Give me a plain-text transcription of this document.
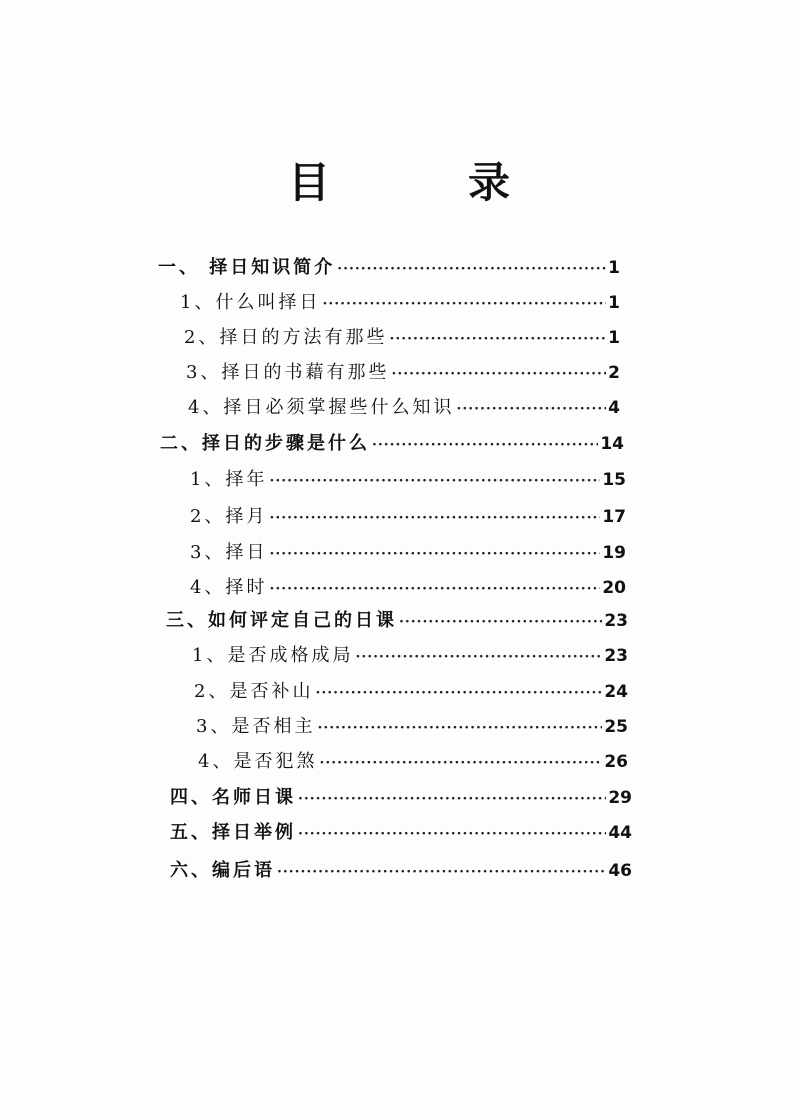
目　录
一、 择日知识简介 ·····	1
1、什么叫择日 ·····	1
2、择日的方法有那些 ·····	1
3、择日的书藉有那些 ·····	2
4、择日必须掌握些什么知识 ·····	4
二、择日的步骤是什么 ·····	14
1、择年 ·····	15
2、择月 ·····	17
3、择日 ·····	19
4、择时 ·····	20
三、如何评定自己的日课 ·····	23
1、是否成格成局 ·····	23
2、是否补山 ·····	24
3、是否相主 ·····	25
4、是否犯煞 ·····	26
四、名师日课 ·····	29
五、择日举例 ·····	44
六、编后语 ·····	46
